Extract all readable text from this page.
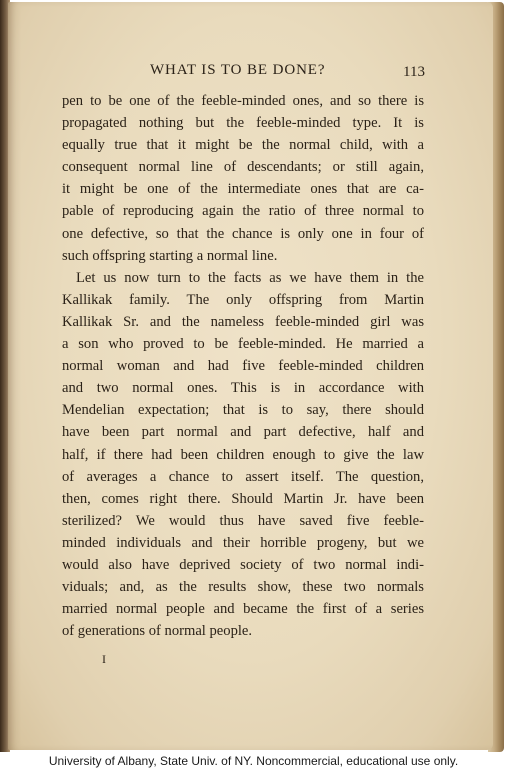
WHAT IS TO BE DONE?	113
pen to be one of the feeble-minded ones, and so there is
propagated nothing but the feeble-minded type. It is
equally true that it might be the normal child, with a
consequent normal line of descendants; or still again,
it might be one of the intermediate ones that are ca-
pable of reproducing again the ratio of three normal to
one defective, so that the chance is only one in four of
such offspring starting a normal line.
Let us now turn to the facts as we have them in the
Kallikak family. The only offspring from Martin
Kallikak Sr. and the nameless feeble-minded girl was
a son who proved to be feeble-minded. He married a
normal woman and had five feeble-minded children
and two normal ones. This is in accordance with
Mendelian expectation; that is to say, there should
have been part normal and part defective, half and
half, if there had been children enough to give the law
of averages a chance to assert itself. The question,
then, comes right there. Should Martin Jr. have been
sterilized? We would thus have saved five feeble-
minded individuals and their horrible progeny, but we
would also have deprived society of two normal indi-
viduals; and, as the results show, these two normals
married normal people and became the first of a series
of generations of normal people.
I
University of Albany, State Univ. of NY. Noncommercial, educational use only.
